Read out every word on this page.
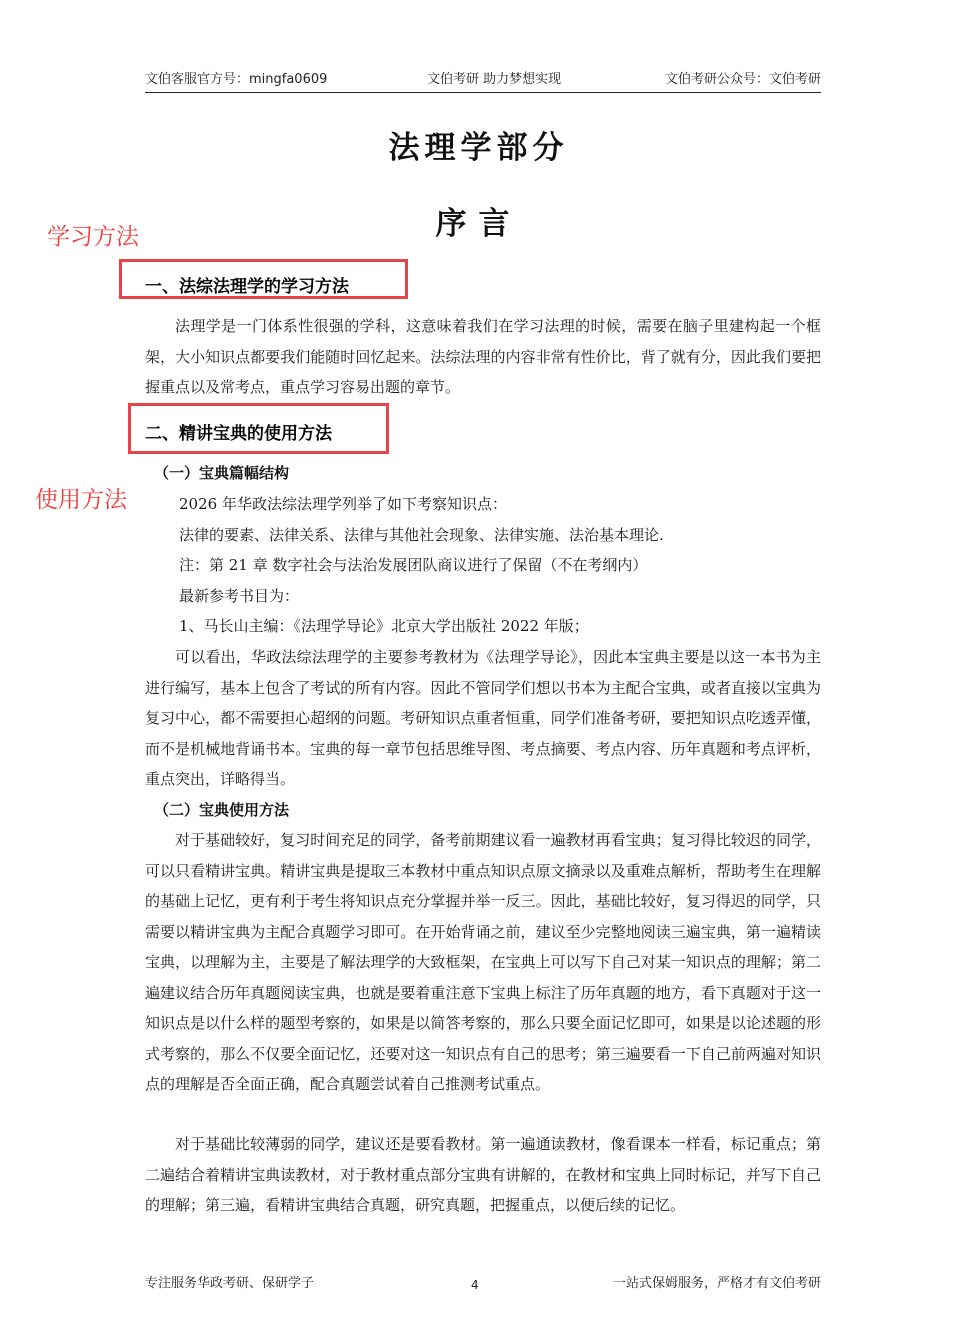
文伯客服官方号：mingfa0609	文伯考研 助力梦想实现	文伯考研公众号：文伯考研
法理学部分
序言
学习方法
一、法综法理学的学习方法
法理学是一门体系性很强的学科，这意味着我们在学习法理的时候，需要在脑子里建构起一个框架，大小知识点都要我们能随时回忆起来。法综法理的内容非常有性价比，背了就有分，因此我们要把握重点以及常考点，重点学习容易出题的章节。
二、精讲宝典的使用方法
使用方法
（一）宝典篇幅结构
2026 年华政法综法理学列举了如下考察知识点：
法律的要素、法律关系、法律与其他社会现象、法律实施、法治基本理论.
注：第 21 章 数字社会与法治发展团队商议进行了保留（不在考纲内）
最新参考书目为：
1、马长山主编：《法理学导论》北京大学出版社 2022 年版；
可以看出，华政法综法理学的主要参考教材为《法理学导论》，因此本宝典主要是以这一本书为主进行编写，基本上包含了考试的所有内容。因此不管同学们想以书本为主配合宝典，或者直接以宝典为复习中心，都不需要担心超纲的问题。考研知识点重者恒重，同学们准备考研，要把知识点吃透弄懂，而不是机械地背诵书本。宝典的每一章节包括思维导图、考点摘要、考点内容、历年真题和考点评析，重点突出，详略得当。
（二）宝典使用方法
对于基础较好，复习时间充足的同学，备考前期建议看一遍教材再看宝典；复习得比较迟的同学，可以只看精讲宝典。精讲宝典是提取三本教材中重点知识点原文摘录以及重难点解析，帮助考生在理解的基础上记忆，更有利于考生将知识点充分掌握并举一反三。因此，基础比较好，复习得迟的同学，只需要以精讲宝典为主配合真题学习即可。在开始背诵之前，建议至少完整地阅读三遍宝典，第一遍精读宝典，以理解为主，主要是了解法理学的大致框架，在宝典上可以写下自己对某一知识点的理解；第二遍建议结合历年真题阅读宝典，也就是要着重注意下宝典上标注了历年真题的地方，看下真题对于这一知识点是以什么样的题型考察的，如果是以简答考察的，那么只要全面记忆即可，如果是以论述题的形式考察的，那么不仅要全面记忆，还要对这一知识点有自己的思考；第三遍要看一下自己前两遍对知识点的理解是否全面正确，配合真题尝试着自己推测考试重点。
对于基础比较薄弱的同学，建议还是要看教材。第一遍通读教材，像看课本一样看，标记重点；第二遍结合着精讲宝典读教材，对于教材重点部分宝典有讲解的，在教材和宝典上同时标记，并写下自己的理解；第三遍，看精讲宝典结合真题，研究真题，把握重点，以便后续的记忆。
专注服务华政考研、保研学子	4	一站式保姆服务，严格才有文伯考研
